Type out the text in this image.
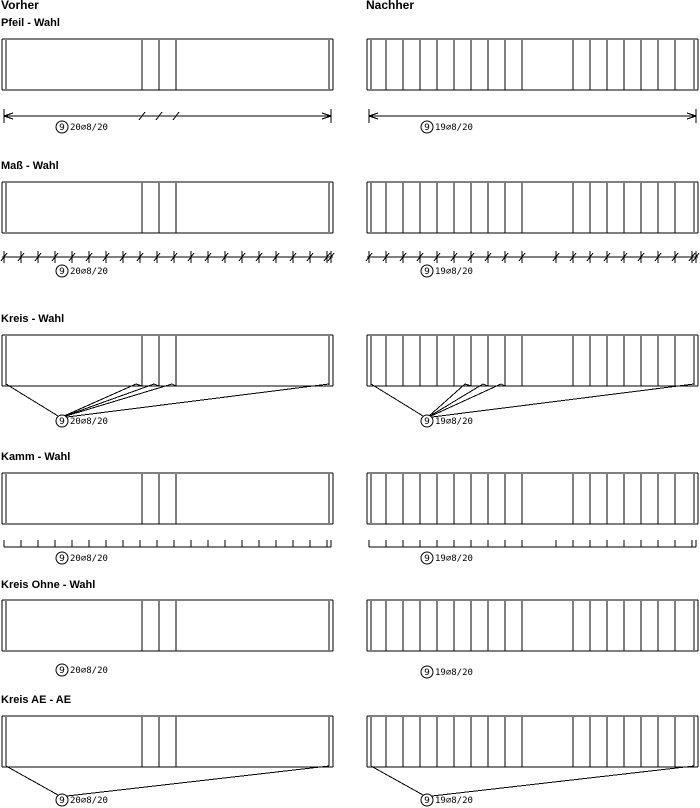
Vorher	Nachher
Pfeil - Wahl
Maß - Wahl
Kreis - Wahl
Kamm - Wahl
Kreis Ohne - Wahl
Kreis AE - AE
9 20⌀8/20
9 20⌀8/20
9 20⌀8/20
9 20⌀8/20
9 20⌀8/20
9 20⌀8/20
9 19⌀8/20
9 19⌀8/20
9 19⌀8/20
9 19⌀8/20
9 19⌀8/20
9 19⌀8/20
